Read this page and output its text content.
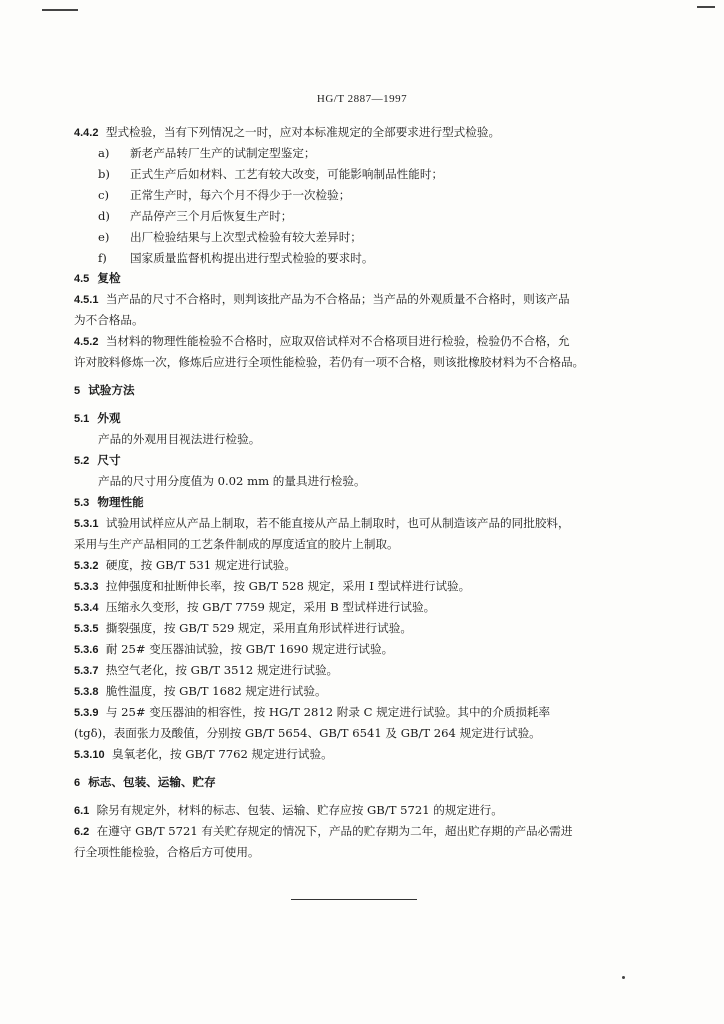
HG/T 2887—1997
4.4.2 型式检验，当有下列情况之一时，应对本标准规定的全部要求进行型式检验。
a) 新老产品转厂生产的试制定型鉴定；
b) 正式生产后如材料、工艺有较大改变，可能影响制品性能时；
c) 正常生产时，每六个月不得少于一次检验；
d) 产品停产三个月后恢复生产时；
e) 出厂检验结果与上次型式检验有较大差异时；
f) 国家质量监督机构提出进行型式检验的要求时。
4.5 复检
4.5.1 当产品的尺寸不合格时，则判该批产品为不合格品；当产品的外观质量不合格时，则该产品
为不合格品。
4.5.2 当材料的物理性能检验不合格时，应取双倍试样对不合格项目进行检验，检验仍不合格，允
许对胶料修炼一次，修炼后应进行全项性能检验，若仍有一项不合格，则该批橡胶材料为不合格品。
5 试验方法
5.1 外观
产品的外观用目视法进行检验。
5.2 尺寸
产品的尺寸用分度值为 0.02 mm 的量具进行检验。
5.3 物理性能
5.3.1 试验用试样应从产品上制取，若不能直接从产品上制取时，也可从制造该产品的同批胶料，
采用与生产产品相同的工艺条件制成的厚度适宜的胶片上制取。
5.3.2 硬度，按 GB/T 531 规定进行试验。
5.3.3 拉伸强度和扯断伸长率，按 GB/T 528 规定，采用 I 型试样进行试验。
5.3.4 压缩永久变形，按 GB/T 7759 规定，采用 B 型试样进行试验。
5.3.5 撕裂强度，按 GB/T 529 规定，采用直角形试样进行试验。
5.3.6 耐 25# 变压器油试验，按 GB/T 1690 规定进行试验。
5.3.7 热空气老化，按 GB/T 3512 规定进行试验。
5.3.8 脆性温度，按 GB/T 1682 规定进行试验。
5.3.9 与 25# 变压器油的相容性，按 HG/T 2812 附录 C 规定进行试验。其中的介质损耗率
(tgδ)，表面张力及酸值，分别按 GB/T 5654、GB/T 6541 及 GB/T 264 规定进行试验。
5.3.10 臭氧老化，按 GB/T 7762 规定进行试验。
6 标志、包装、运输、贮存
6.1 除另有规定外，材料的标志、包装、运输、贮存应按 GB/T 5721 的规定进行。
6.2 在遵守 GB/T 5721 有关贮存规定的情况下，产品的贮存期为二年，超出贮存期的产品必需进
行全项性能检验，合格后方可使用。
